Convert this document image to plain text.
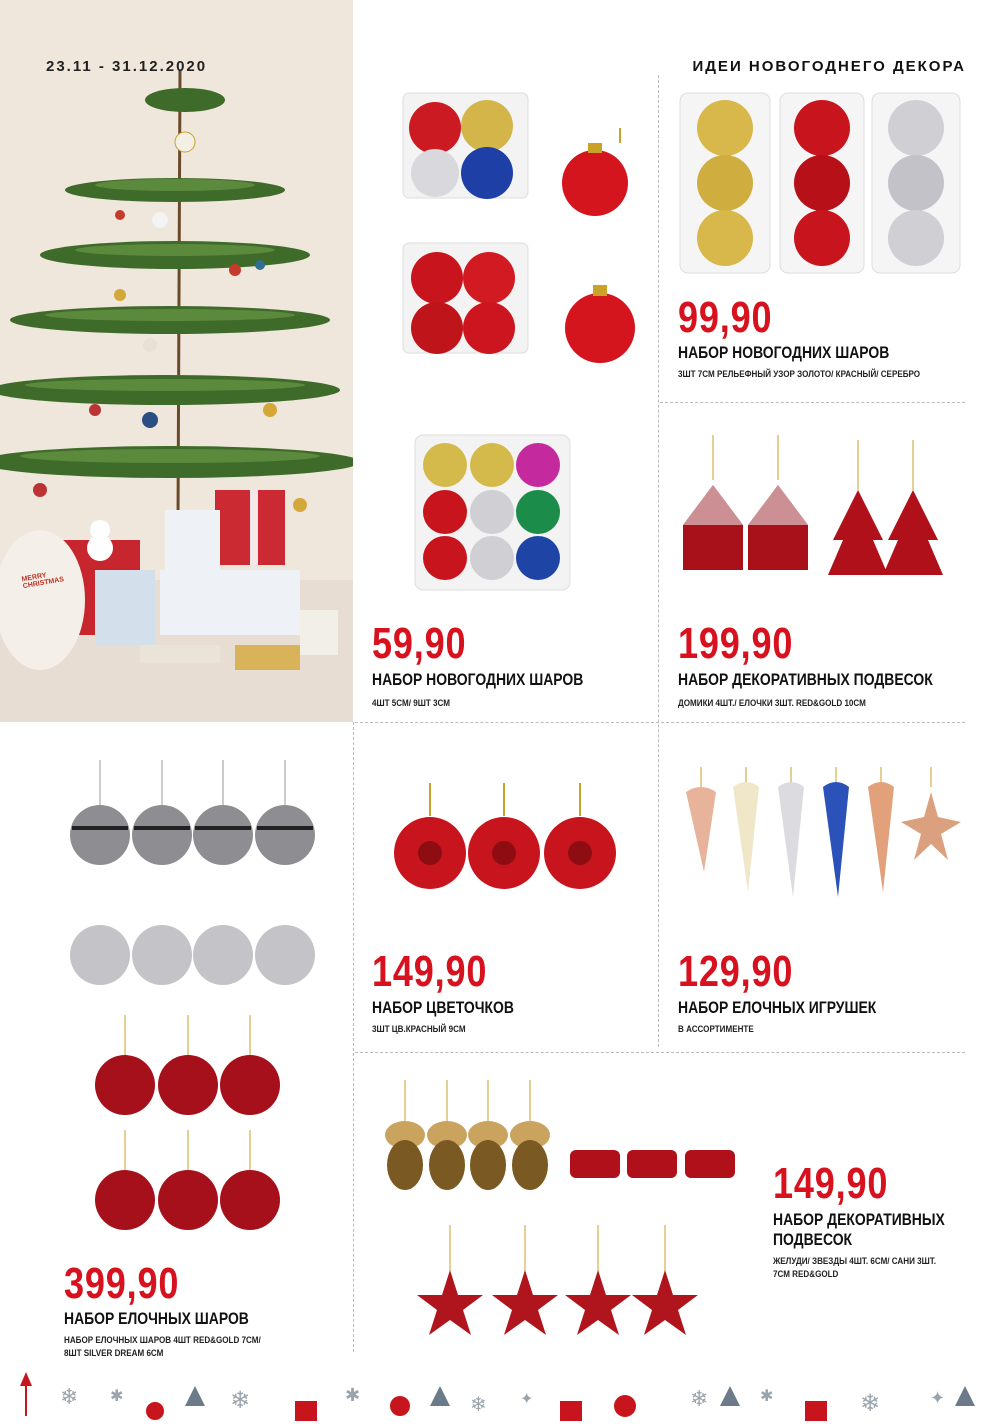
MERRY CHRISTMAS
23.11 - 31.12.2020	ИДЕИ НОВОГОДНЕГО ДЕКОРА
99,90
НАБОР НОВОГОДНИХ ШАРОВ
3ШТ 7СМ РЕЛЬЕФНЫЙ УЗОР ЗОЛОТО/ КРАСНЫЙ/ СЕРЕБРО
59,90
НАБОР НОВОГОДНИХ ШАРОВ
4ШТ 5СМ/ 9ШТ 3СМ
199,90
НАБОР ДЕКОРАТИВНЫХ ПОДВЕСОК
ДОМИКИ 4ШТ./ ЕЛОЧКИ 3ШТ. RED&GOLD 10СМ
149,90
НАБОР ЦВЕТОЧКОВ
3ШТ ЦВ.КРАСНЫЙ 9СМ
129,90
НАБОР ЕЛОЧНЫХ ИГРУШЕК
В АССОРТИМЕНТЕ
399,90
НАБОР ЕЛОЧНЫХ ШАРОВ
НАБОР ЕЛОЧНЫХ ШАРОВ 4ШТ RED&GOLD 7СМ/
8ШТ SILVER DREAM 6СМ
149,90
НАБОР ДЕКОРАТИВНЫХ
ПОДВЕСОК
ЖЕЛУДИ/ ЗВЕЗДЫ 4ШТ. 6СМ/ САНИ 3ШТ.
7СМ RED&GOLD
❄ ✱	❄	✱	❄ ✦	❄	✱	❄	✦
